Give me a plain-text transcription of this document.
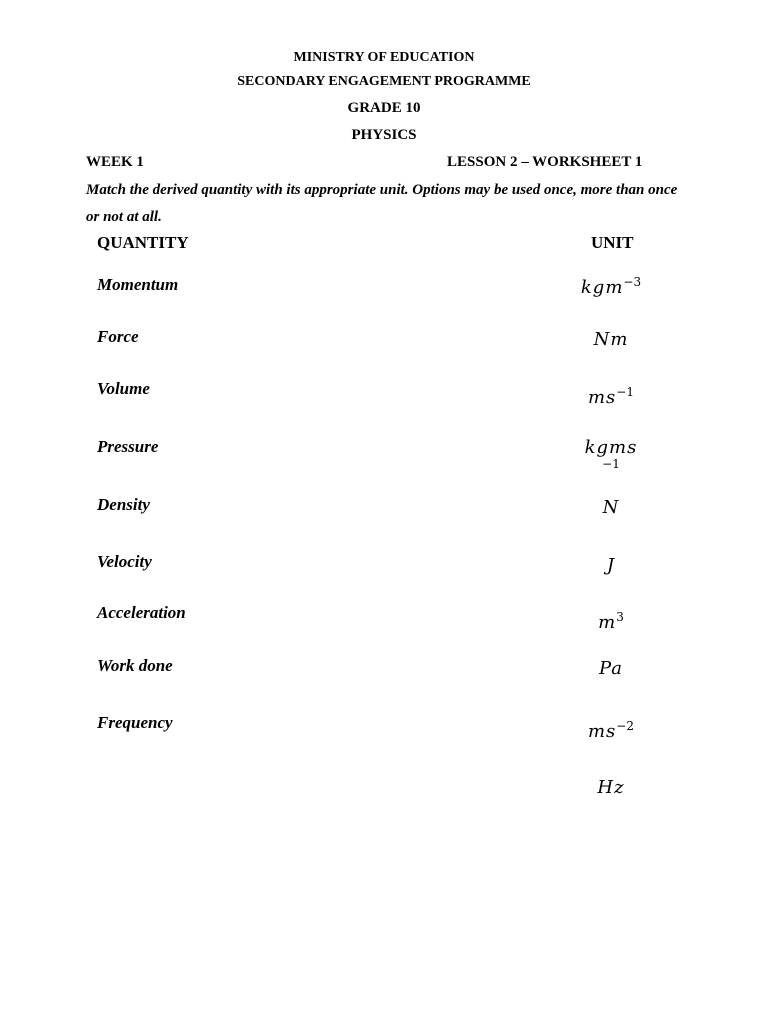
MINISTRY OF EDUCATION
SECONDARY ENGAGEMENT PROGRAMME
GRADE 10
PHYSICS
WEEK 1	LESSON 2 – WORKSHEET 1
Match the derived quantity with its appropriate unit. Options may be used once, more than once or not at all.
QUANTITY	UNIT
Momentum
Force
Volume
Pressure
Density
Velocity
Acceleration
Work done
Frequency
kgm$^{-3}$
Nm
$ms^{-1}$
kgms
−1
N
J
$m^3$
Pa
$ms^{-2}$
Hz
